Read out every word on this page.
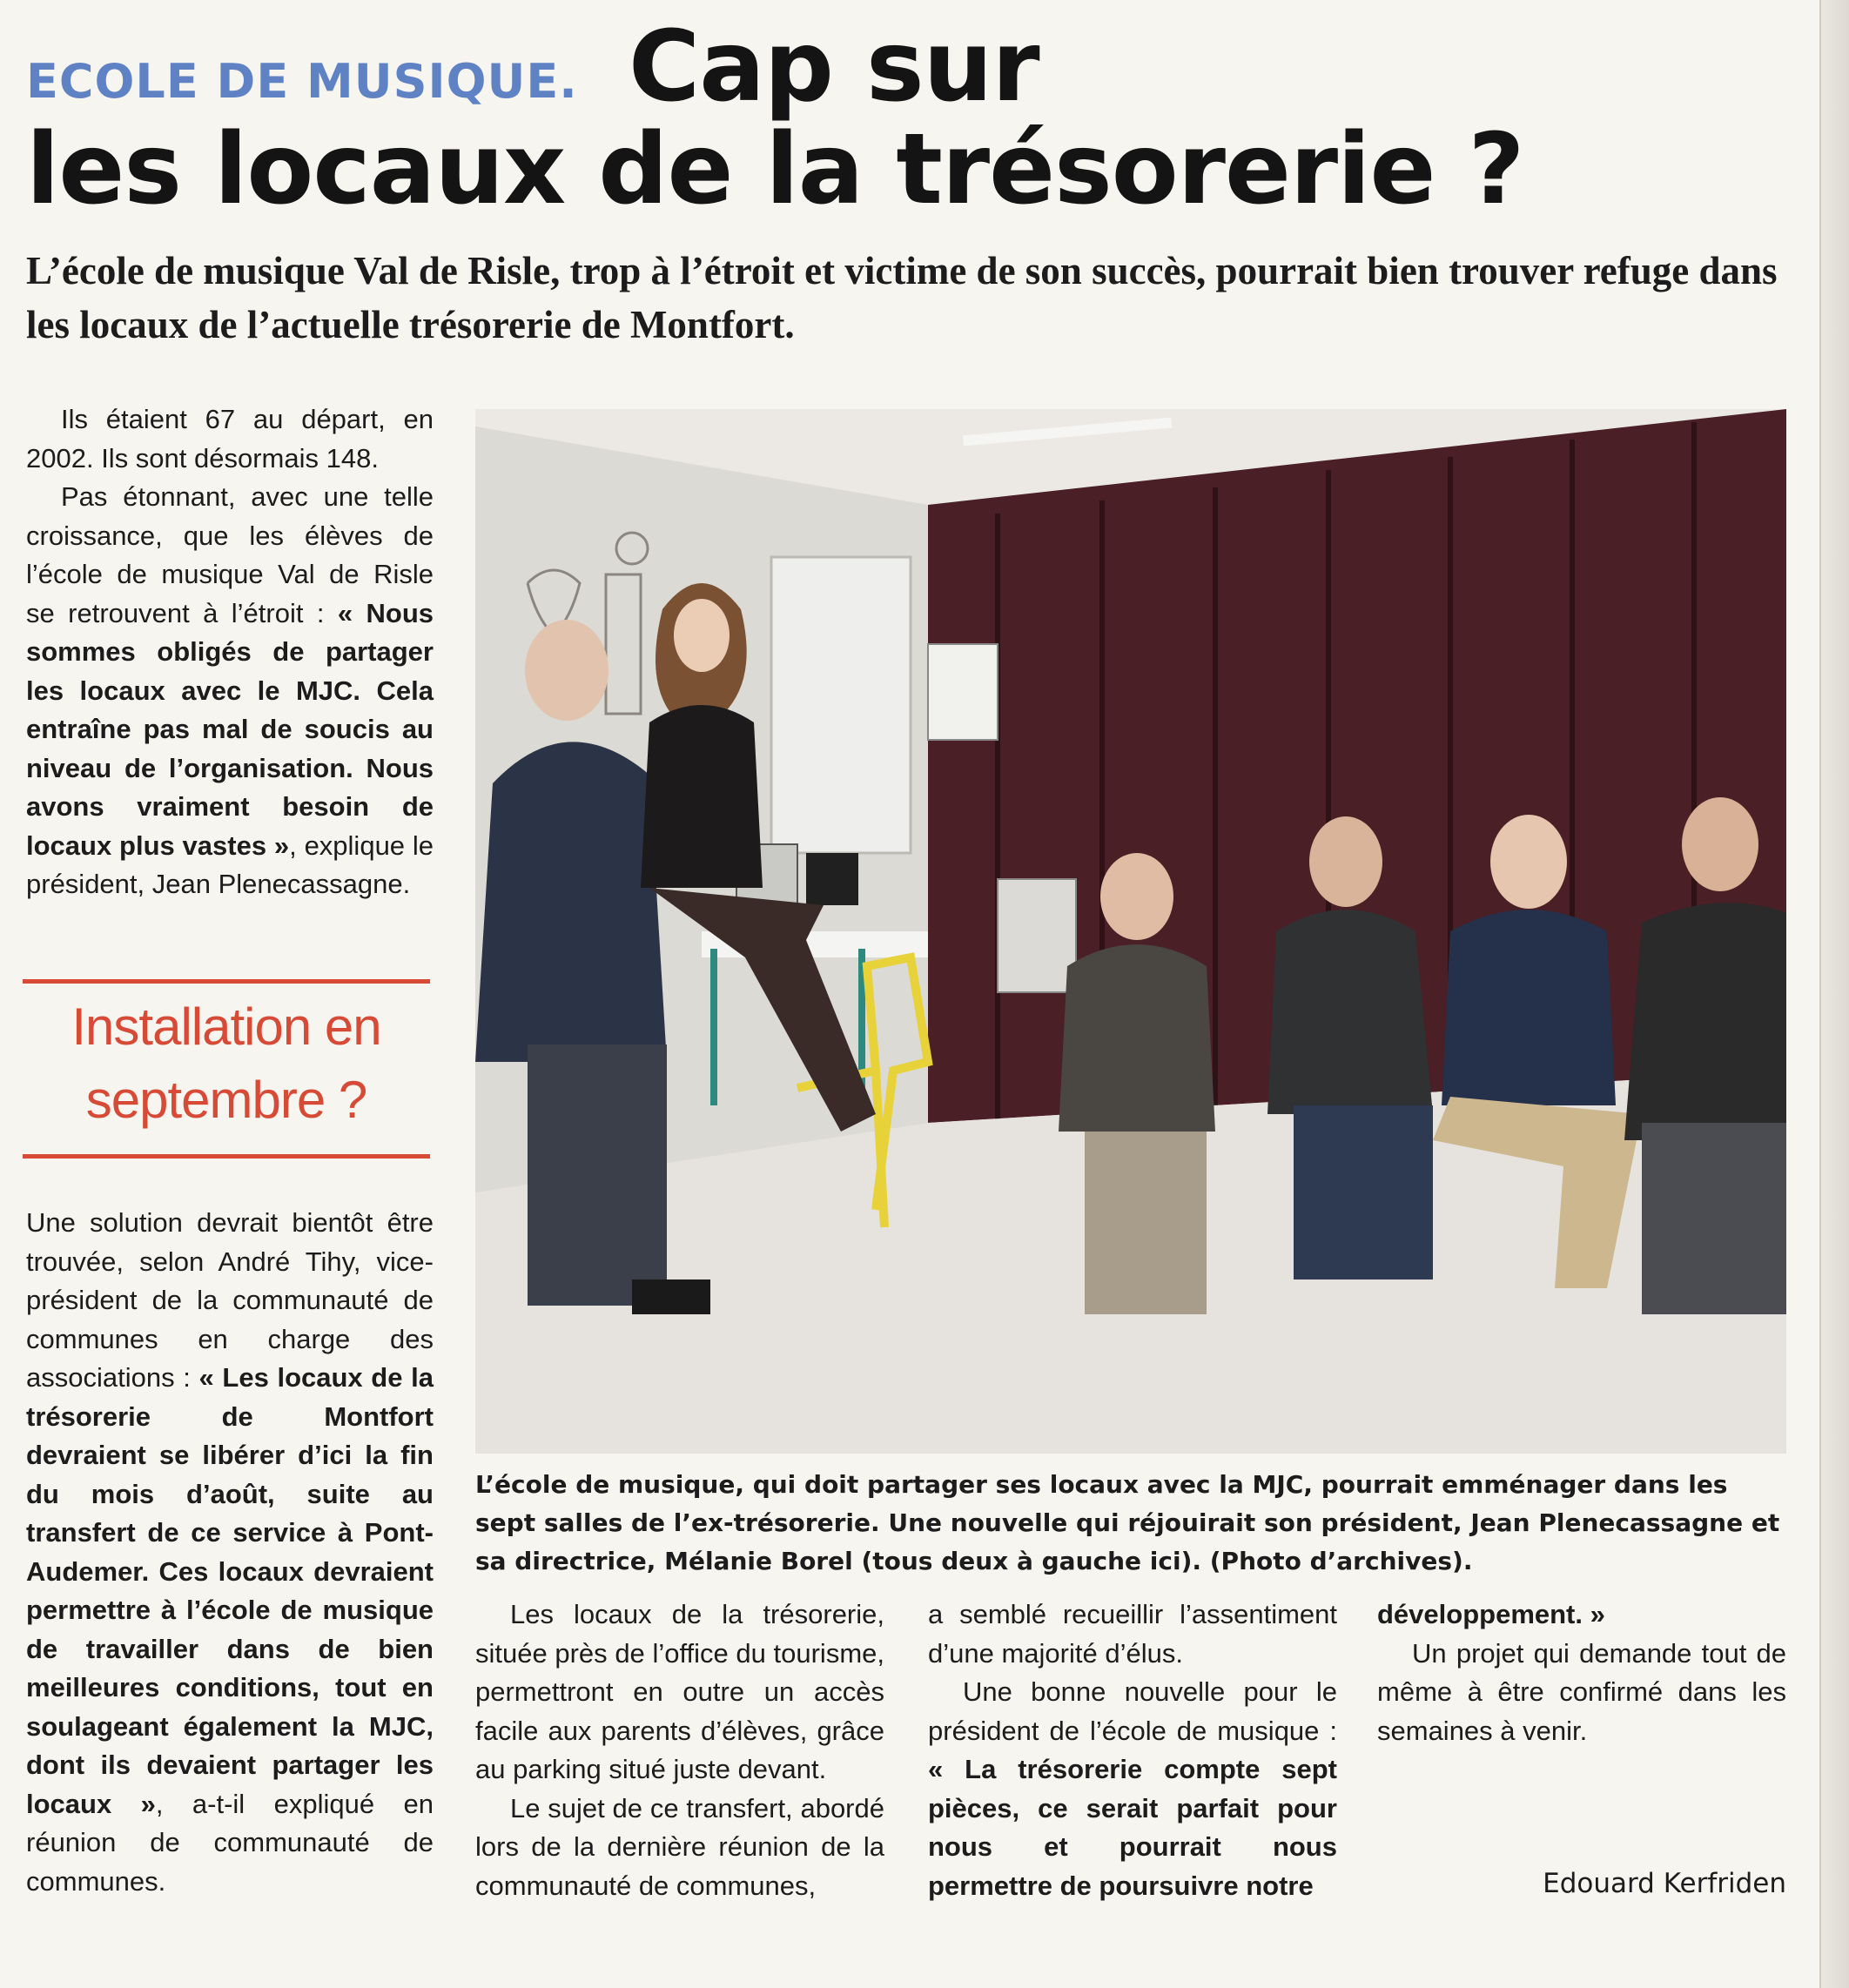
ECOLE DE MUSIQUE. Cap sur
les locaux de la trésorerie ?
L’école de musique Val de Risle, trop à l’étroit et victime de son succès, pourrait bien trouver refuge dans les locaux de l’actuelle trésorerie de Montfort.

Ils étaient 67 au départ, en 2002. Ils sont désormais 148.

Pas étonnant, avec une telle croissance, que les élèves de l’école de musique Val de Risle se retrouvent à l’étroit : « Nous sommes obligés de partager les locaux avec le MJC. Cela entraîne pas mal de soucis au niveau de l’organisation. Nous avons vraiment besoin de locaux plus vastes », explique le président, Jean Plenecassagne.

Installation en septembre ?

Une solution devrait bientôt être trouvée, selon André Tihy, vice-président de la communauté de communes en charge des associations : « Les locaux de la trésorerie de Montfort devraient se libérer d’ici la fin du mois d’août, suite au transfert de ce service à Pont-Audemer. Ces locaux devraient permettre à l’école de musique de travailler dans de bien meilleures conditions, tout en soulageant également la MJC, dont ils devaient partager les locaux », a-t-il expliqué en réunion de communauté de communes.

L’école de musique, qui doit partager ses locaux avec la MJC, pourrait emménager dans les sept salles de l’ex-trésorerie. Une nouvelle qui réjouirait son président, Jean Plenecassagne et sa directrice, Mélanie Borel (tous deux à gauche ici). (Photo d’archives).

Les locaux de la trésorerie, située près de l’office du tourisme, permettront en outre un accès facile aux parents d’élèves, grâce au parking situé juste devant.

Le sujet de ce transfert, abordé lors de la dernière réunion de la communauté de communes,

a semblé recueillir l’assentiment d’une majorité d’élus.

Une bonne nouvelle pour le président de l’école de musique : « La trésorerie compte sept pièces, ce serait parfait pour nous et pourrait nous permettre de poursuivre notre

développement. »

Un projet qui demande tout de même à être confirmé dans les semaines à venir.

Edouard Kerfriden
